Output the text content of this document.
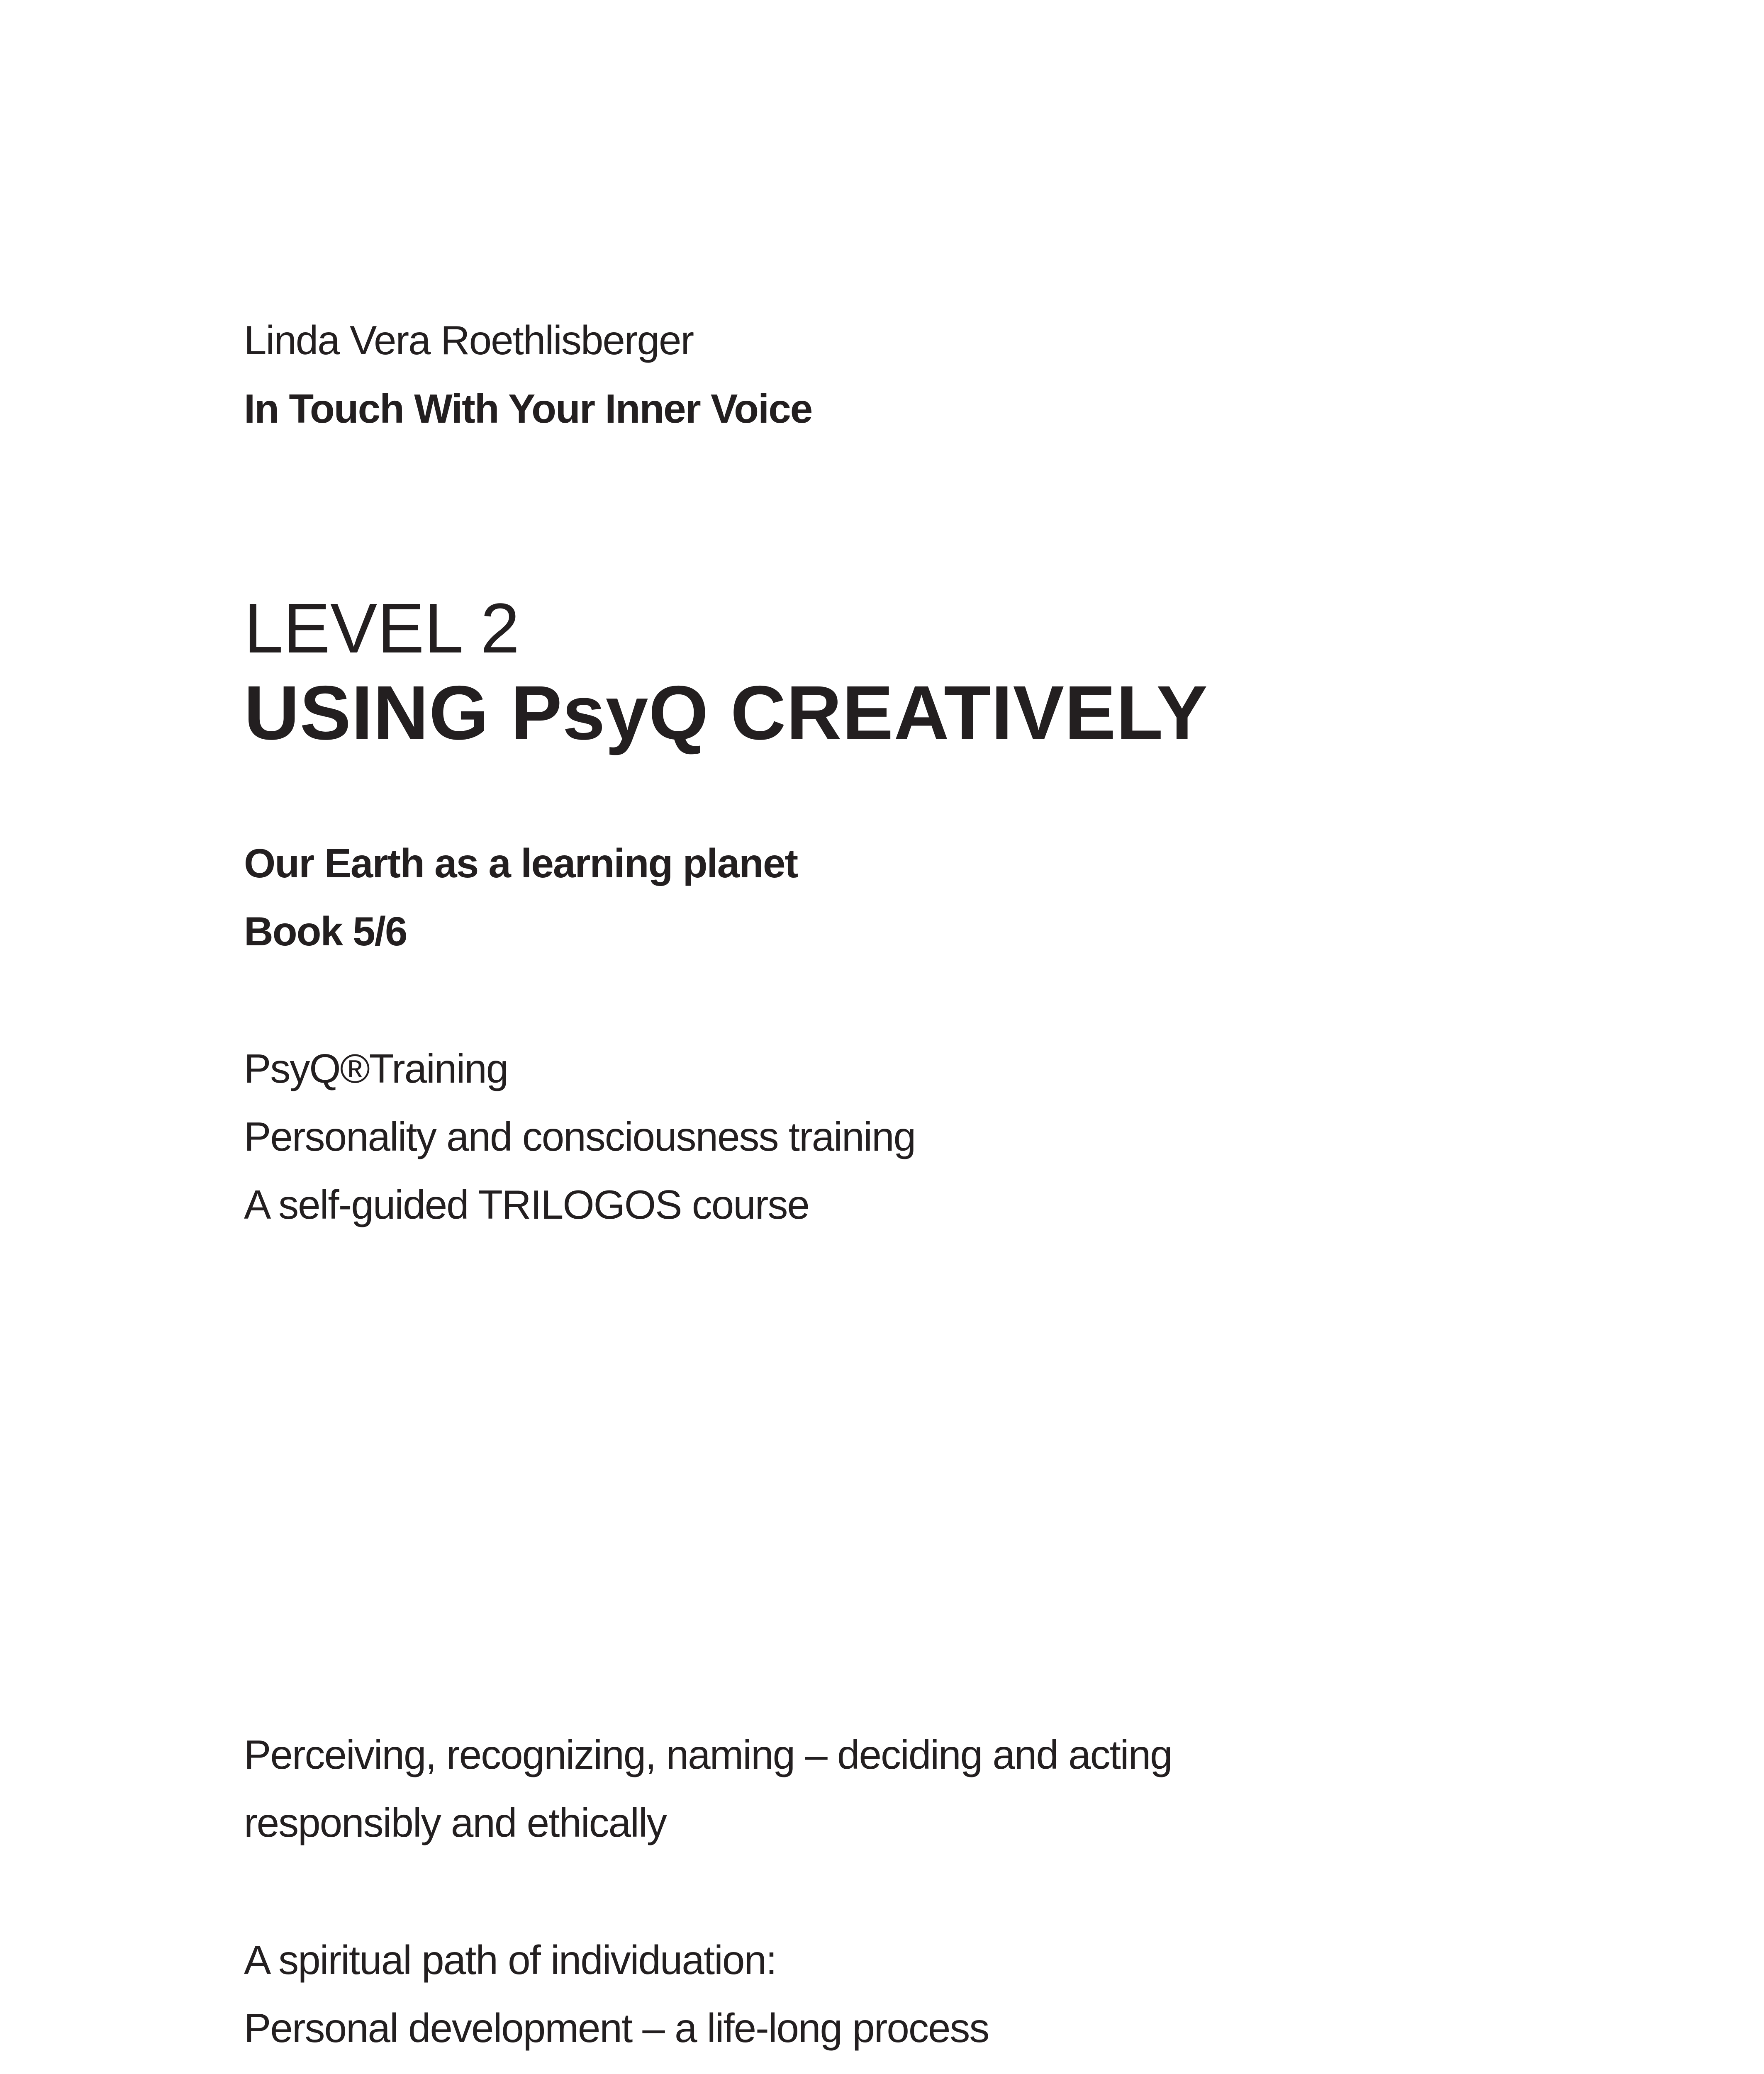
Linda Vera Roethlisberger
In Touch With Your Inner Voice
LEVEL 2
USING PsyQ CREATIVELY
Our Earth as a learning planet
Book 5/6
PsyQ®Training
Personality and consciousness training
A self-guided TRILOGOS course
Perceiving, recognizing, naming – deciding and acting
responsibly and ethically
A spiritual path of individuation:
Personal development – a life-long process
